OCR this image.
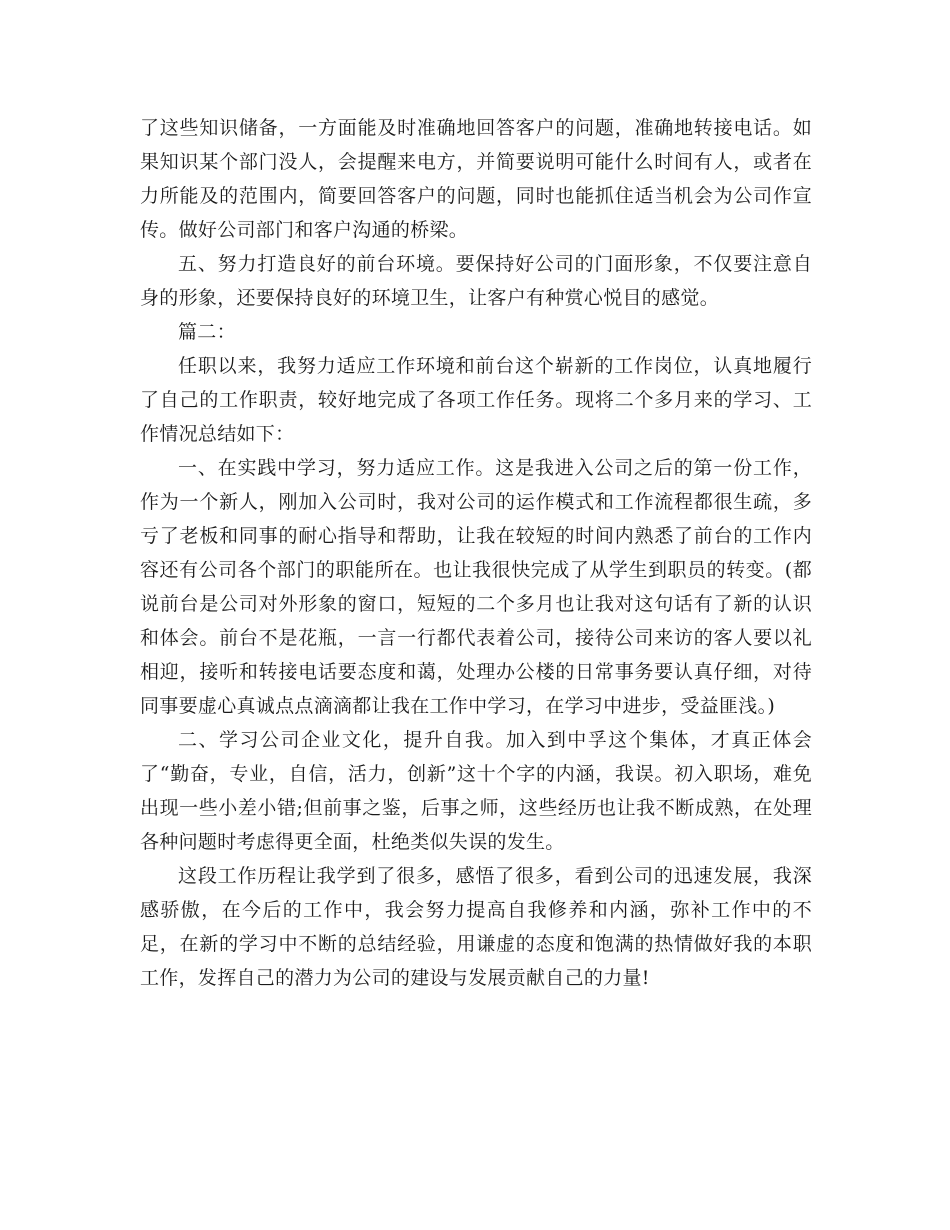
了这些知识储备，一方面能及时准确地回答客户的问题，准确地转接电话。如果知识某个部门没人，会提醒来电方，并简要说明可能什么时间有人，或者在力所能及的范围内，简要回答客户的问题，同时也能抓住适当机会为公司作宣传。做好公司部门和客户沟通的桥梁。

五、努力打造良好的前台环境。要保持好公司的门面形象，不仅要注意自身的形象，还要保持良好的环境卫生，让客户有种赏心悦目的感觉。

篇二：

任职以来，我努力适应工作环境和前台这个崭新的工作岗位，认真地履行了自己的工作职责，较好地完成了各项工作任务。现将二个多月来的学习、工作情况总结如下：

一、在实践中学习，努力适应工作。这是我进入公司之后的第一份工作，作为一个新人，刚加入公司时，我对公司的运作模式和工作流程都很生疏，多亏了老板和同事的耐心指导和帮助，让我在较短的时间内熟悉了前台的工作内容还有公司各个部门的职能所在。也让我很快完成了从学生到职员的转变。(都说前台是公司对外形象的窗口，短短的二个多月也让我对这句话有了新的认识和体会。前台不是花瓶，一言一行都代表着公司，接待公司来访的客人要以礼相迎，接听和转接电话要态度和蔼，处理办公楼的日常事务要认真仔细，对待同事要虚心真诚点点滴滴都让我在工作中学习，在学习中进步，受益匪浅。)

二、学习公司企业文化，提升自我。加入到中孚这个集体，才真正体会了“勤奋，专业，自信，活力，创新”这十个字的内涵，我误。初入职场，难免出现一些小差小错;但前事之鉴，后事之师，这些经历也让我不断成熟，在处理各种问题时考虑得更全面，杜绝类似失误的发生。

这段工作历程让我学到了很多，感悟了很多，看到公司的迅速发展，我深感骄傲，在今后的工作中，我会努力提高自我修养和内涵，弥补工作中的不足，在新的学习中不断的总结经验，用谦虚的态度和饱满的热情做好我的本职工作，发挥自己的潜力为公司的建设与发展贡献自己的力量!
